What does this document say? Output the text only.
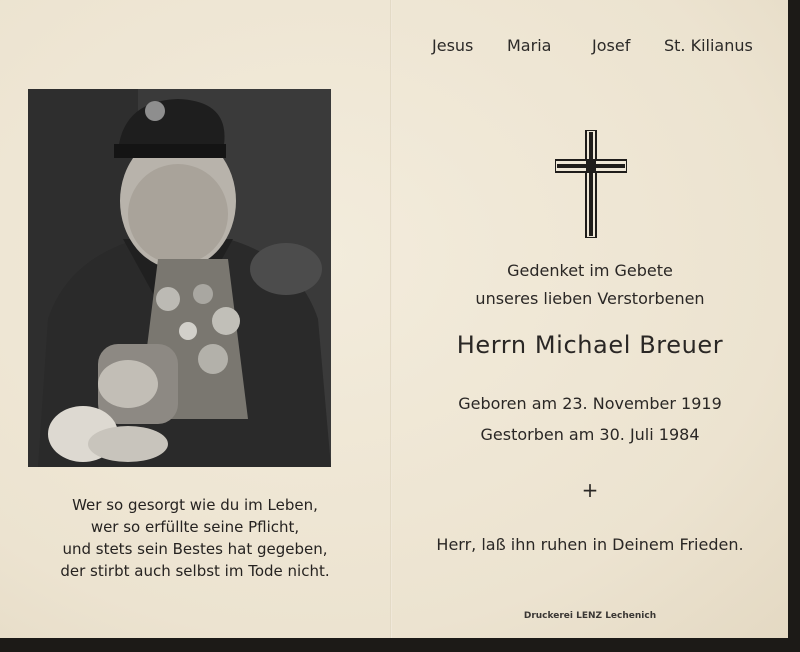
Jesus Maria	Josef St. Kilianus
Wer so gesorgt wie du im Leben,
wer so erfüllte seine Pflicht,
und stets sein Bestes hat gegeben,
der stirbt auch selbst im Tode nicht.
Gedenket im Gebete
unseres lieben Verstorbenen
Herrn Michael Breuer
Geboren am 23. November 1919
Gestorben am 30. Juli 1984
+
Herr, laß ihn ruhen in Deinem Frieden.
Druckerei LENZ Lechenich
